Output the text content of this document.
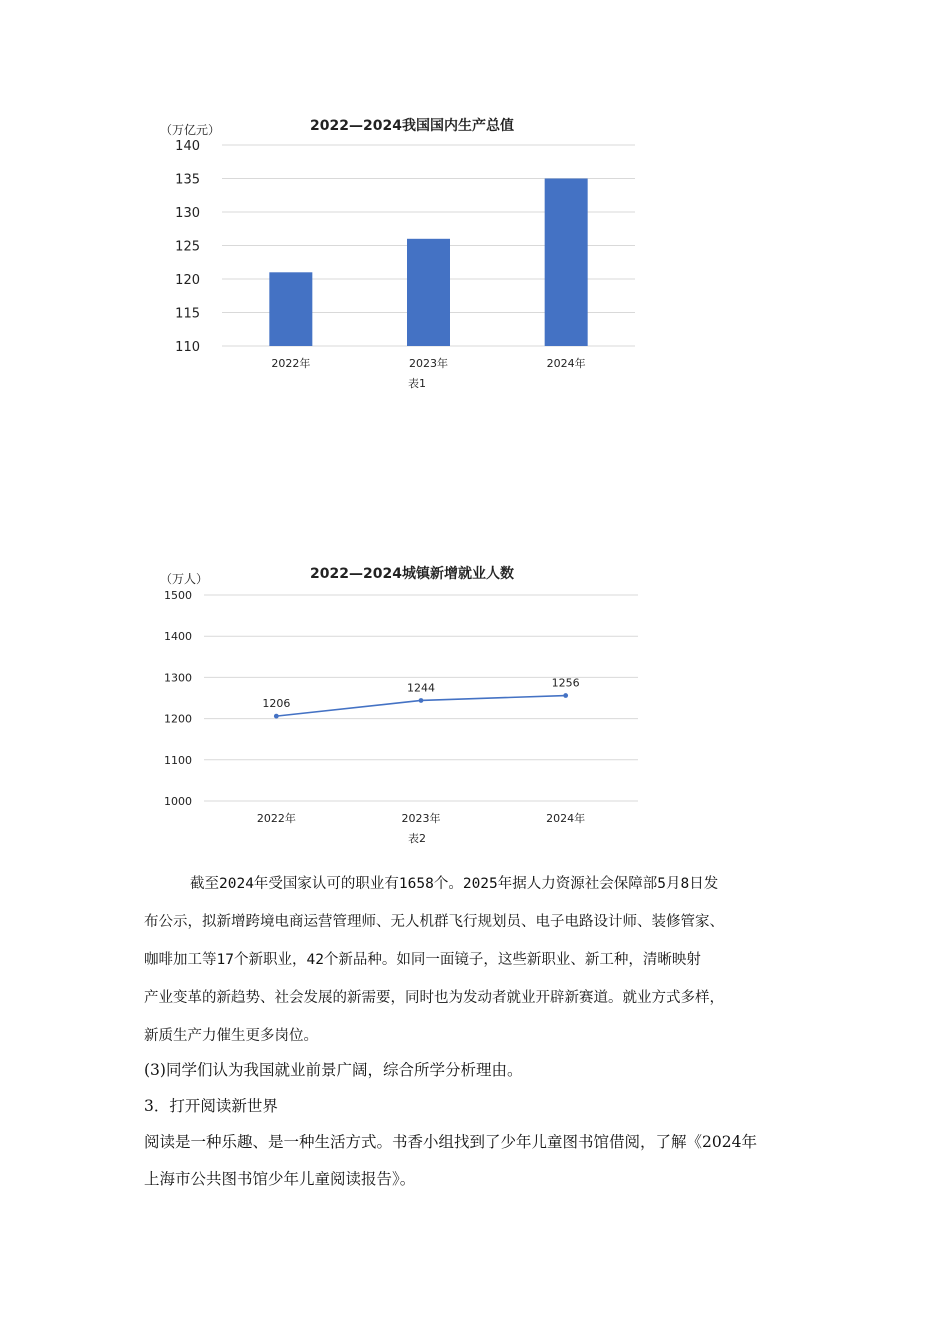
2022—2024我国国内生产总值
（万亿元）
110
115
120
125
130
135
140
2022年	2023年	2024年
表1
2022—2024城镇新增就业人数
（万人）
1000
1100
1200
1300
1400
1500
1206
1244	1256
2022年	2023年	2024年
表2
截至2024年受国家认可的职业有1658个。2025年据人力资源社会保障部5月8日发
布公示，拟新增跨境电商运营管理师、无人机群飞行规划员、电子电路设计师、装修管家、
咖啡加工等17个新职业，42个新品种。如同一面镜子，这些新职业、新工种，清晰映射
产业变革的新趋势、社会发展的新需要，同时也为发动者就业开辟新赛道。就业方式多样，
新质生产力催生更多岗位。
(3)同学们认为我国就业前景广阔，综合所学分析理由。
3．打开阅读新世界
阅读是一种乐趣、是一种生活方式。书香小组找到了少年儿童图书馆借阅，了解《2024年
上海市公共图书馆少年儿童阅读报告》。
